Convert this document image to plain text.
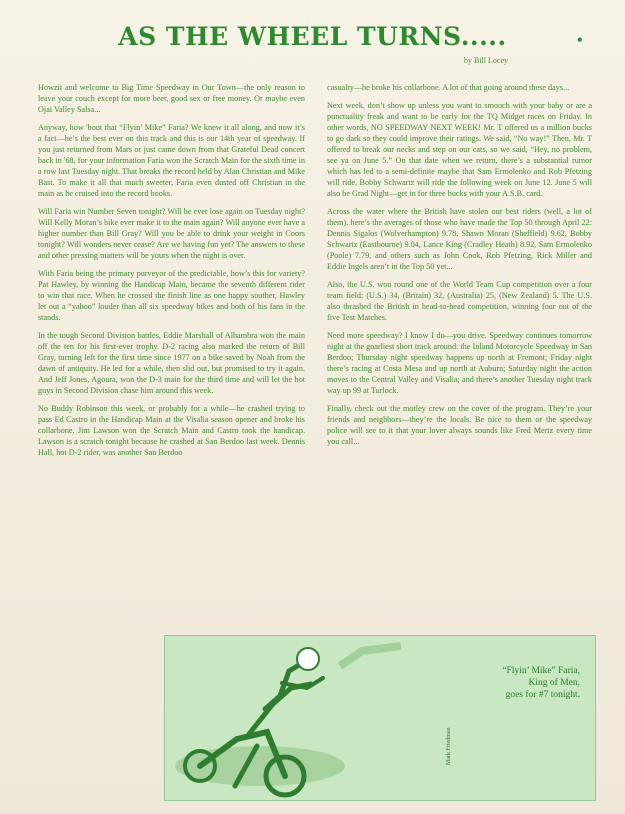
AS THE WHEEL TURNS.....	•
by Bill Locey

Howzit and welcome to Big Time Speedway in Our Town—the only reason to leave your couch except for more beer, good sex or free money. Or maybe even Ojai Valley Salsa...

Anyway, how 'bout that “Flyin’ Mike” Faria? We knew it all along, and now it’s a fact—he’s the best ever on this track and this is our 14th year of speedway. If you just returned from Mars or just came down from that Grateful Dead concert back in '68, for your information Faria won the Scratch Main for the sixth time in a row last Tuesday night. That breaks the record held by Alan Christian and Mike Bast. To make it all that much sweeter, Faria even dusted off Christian in the main as he cruised into the record books.

Will Faria win Number Seven tonight? Will he ever lose again on Tuesday night? Will Kelly Moran’s bike ever make it to the main again? Will anyone ever have a higher number than Bill Gray? Will you be able to drink your weight in Coors tonight? Will wonders never cease? Are we having fun yet? The answers to these and other pressing matters will be yours when the night is over.

With Faria being the primary purveyor of the predictable, how’s this for variety? Pat Hawley, by winning the Handicap Main, became the seventh different rider to win that race. When he crossed the finish line as one happy souther, Hawley let out a “yahoo” louder than all six speedway bikes and both of his fans in the stands.

In the tough Second Division battles, Eddie Marshall of Alhambra won the main off the ten for his first-ever trophy. D-2 racing also marked the return of Bill Gray, turning left for the first time since 1977 on a bike saved by Noah from the dawn of antiquity. He led for a while, then slid out, but promised to try it again. And Jeff Jones, Agoura, won the D-3 main for the third time and will let the hot guys in Second Division chase him around this week.

No Buddy Robinson this week, or probably for a while—he crashed trying to pass Ed Castro in the Handicap Main at the Visalia season opener and broke his collarbone. Jim Lawson won the Scratch Main and Castro took the handicap. Lawson is a scratch tonight because he crashed at San Berdoo last week. Dennis Hall, hot D-2 rider, was another San Berdoo

casualty—he broke his collarbone. A lot of that going around these days...

Next week, don’t show up unless you want to smooch with your baby or are a punctuality freak and want to be early for the TQ Midget races on Friday. In other words, NO SPEEDWAY NEXT WEEK! Mr. T offered us a million bucks to go dark so they could improve their ratings. We said, “No way!” Then, Mr. T offered to break our necks and step on our cats, so we said, “Hey, no problem, see ya on June 5.” On that date when we return, there’s a substantial rumor which has led to a semi-definite maybe that Sam Ermolenko and Rob Pfetzing will ride. Bobby Schwartz will ride the following week on June 12. June 5 will also be Grad Night—get in for three bucks with your A.S.B. card.

Across the water where the British have stolen our best riders (well, a lot of them), here’s the averages of those who have made the Top 50 through April 22: Dennis Sigalos (Wolverhampton) 9.78, Shawn Moran (Sheffield) 9.62, Bobby Schwartz (Eastbourne) 9.04, Lance King (Cradley Heath) 8.92, Sam Ermolenko (Poole) 7.79, and others such as John Cook, Rob Pfetzing, Rick Miller and Eddie Ingels aren’t in the Top 50 yet...

Also, the U.S. won round one of the World Team Cup competition over a four team field: (U.S.) 34, (Britain) 32, (Australia) 25, (New Zealand) 5. The U.S. also thrashed the British in head-to-head competition, winning four out of the five Test Matches.

Need more speedway? I know I do—you drive. Speedway continues tomorrow night at the gnarliest short track around: the Inland Motorcycle Speedway in San Berdoo; Thursday night speedway happens up north at Fremont; Friday night there’s racing at Costa Mesa and up north at Auburn; Saturday night the action moves to the Central Valley and Visalia; and there’s another Tuesday night track way up 99 at Turlock.

Finally, check out the motley crew on the cover of the program. They’re your friends and neighbors—they’re the locals. Be nice to them or the speedway police will see to it that your lover always sounds like Fred Mertz every time you call...

“Flyin’ Mike” Faria,
King of Men,
goes for #7 tonight.
Mark Friedman
